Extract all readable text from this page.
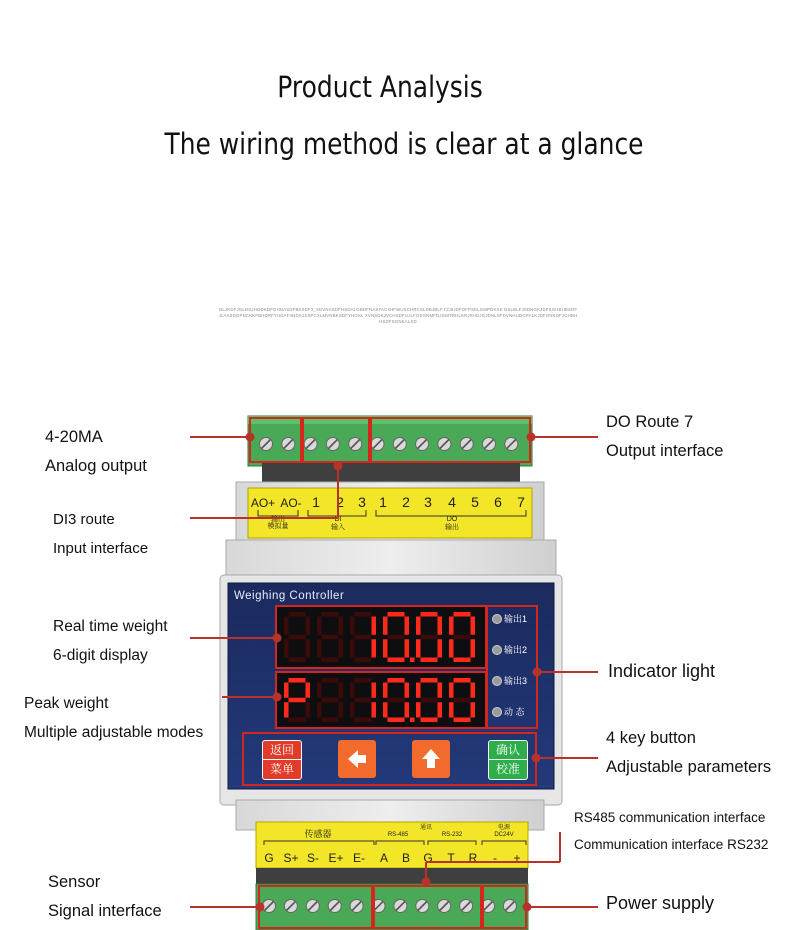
Product Analysis
The wiring method is clear at a glance
OLJKDFJGLDSJHGDKDFGHNASDFBKSDF3_SDVNASDFHSDALGBDFNASFAC4HFWUSCHRCSLDBJBLF.CCBJDFDFPSELGMPDKXK DSLBLFJSDNGKJDFSGHBHBSDFJLAASDGPNCKKFBHDRFYUDAF4NDS1SSPCXLMVNBKSDFYHOSL XVNSDKJVCHSDFUJLFOSGNMFDJGMTRHLKRJSHDJGJDNLSFDVNHUDGPALKJDFGNKDFJGHBHHSDFSGNKALSD
AO+ AO- 1 2 3 1 2 3 4 5 6 7
模拟量
输出	DI
输入
DO
输出
G S+ S- E+ E- A B G T R - +
传感器	RS-485
通讯
RS-232
电源
DC24V
Weighing Controller
输出1
输出2
输出3
动 态
返回
菜单
确认
校准
4-20MA
Analog output
DI3 route
Input interface
Real time weight
6-digit display
Peak weight
Multiple adjustable modes
Sensor
Signal interface
DO Route 7
Output interface
Indicator light
4 key button
Adjustable parameters
RS485 communication interface
Communication interface RS232
Power supply
